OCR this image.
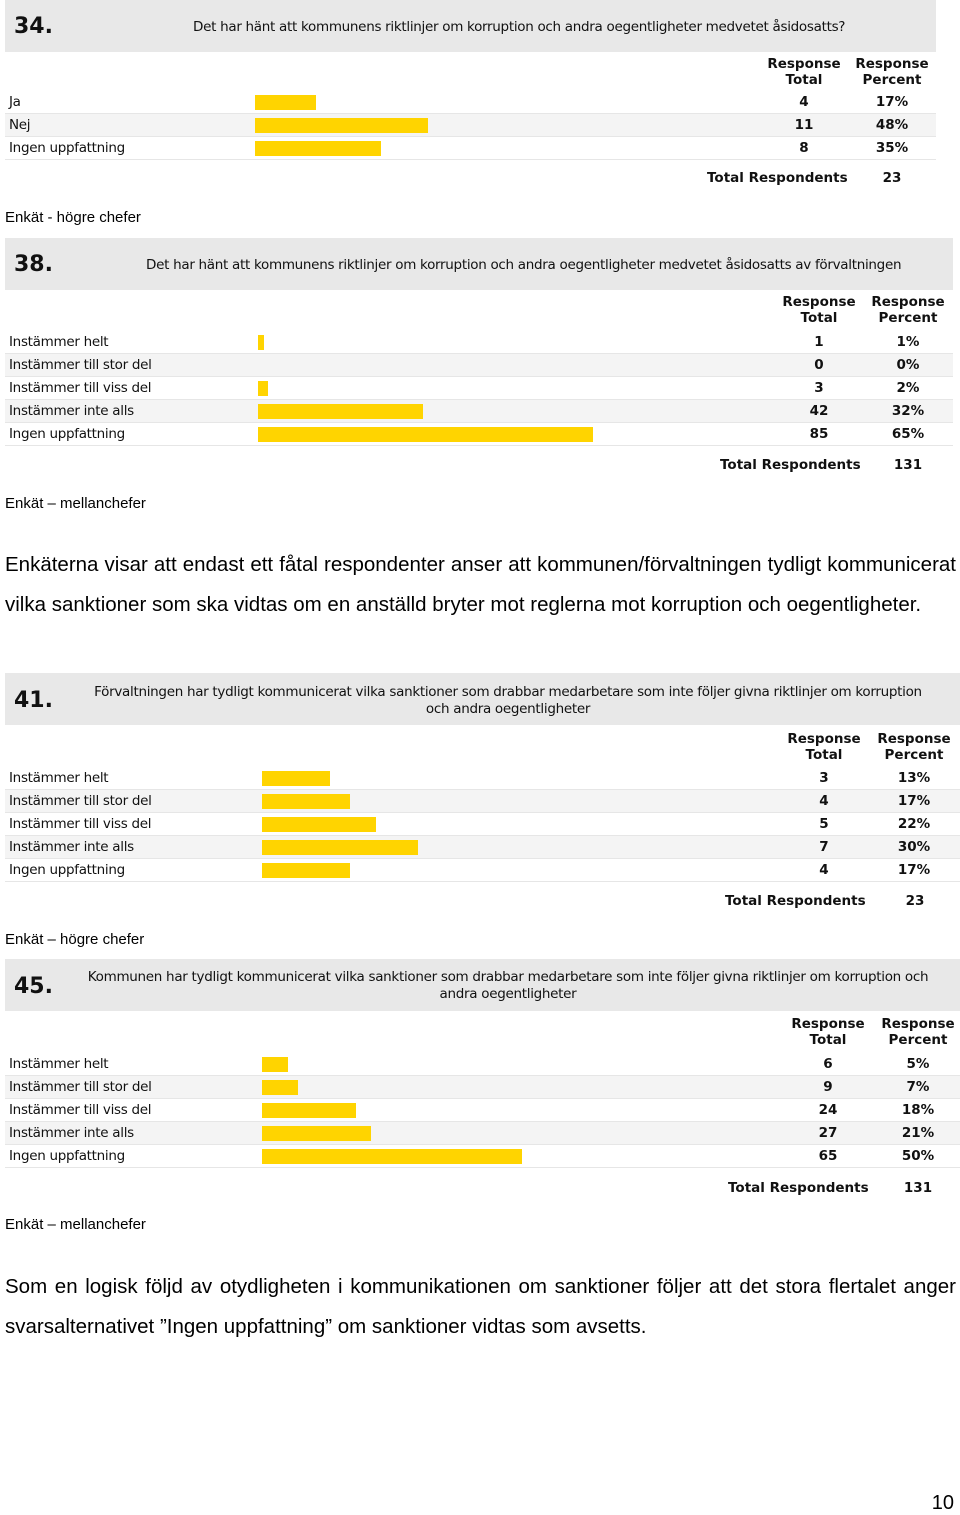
34.	Det har hänt att kommunens riktlinjer om korruption och andra oegentligheter medvetet åsidosatts?
Response Total
Response Percent
Ja	4	17%
Nej	11	48%
Ingen uppfattning	8	35%
Total Respondents	23
Enkät - högre chefer
38.	Det har hänt att kommunens riktlinjer om korruption och andra oegentligheter medvetet åsidosatts av förvaltningen
Response Total
Response Percent
Instämmer helt	1	1%
Instämmer till stor del	0	0%
Instämmer till viss del	3	2%
Instämmer inte alls	42	32%
Ingen uppfattning	85	65%
Total Respondents	131
Enkät – mellanchefer
Enkäterna visar att endast ett fåtal respondenter anser att kommunen/förvaltningen tydligt kommunicerat vilka sanktioner som ska vidtas om en anställd bryter mot reglerna mot korruption och oegentligheter.
41.	Förvaltningen har tydligt kommunicerat vilka sanktioner som drabbar medarbetare som inte följer givna riktlinjer om korruption och andra oegentligheter
Response Total
Response Percent
Instämmer helt	3	13%
Instämmer till stor del	4	17%
Instämmer till viss del	5	22%
Instämmer inte alls	7	30%
Ingen uppfattning	4	17%
Total Respondents	23
Enkät – högre chefer
45.	Kommunen har tydligt kommunicerat vilka sanktioner som drabbar medarbetare som inte följer givna riktlinjer om korruption och andra oegentligheter
Response Total
Response Percent
Instämmer helt	6	5%
Instämmer till stor del	9	7%
Instämmer till viss del	24	18%
Instämmer inte alls	27	21%
Ingen uppfattning	65	50%
Total Respondents	131
Enkät – mellanchefer
Som en logisk följd av otydligheten i kommunikationen om sanktioner följer att det stora flertalet anger svarsalternativet ”Ingen uppfattning” om sanktioner vidtas som avsetts.
10
